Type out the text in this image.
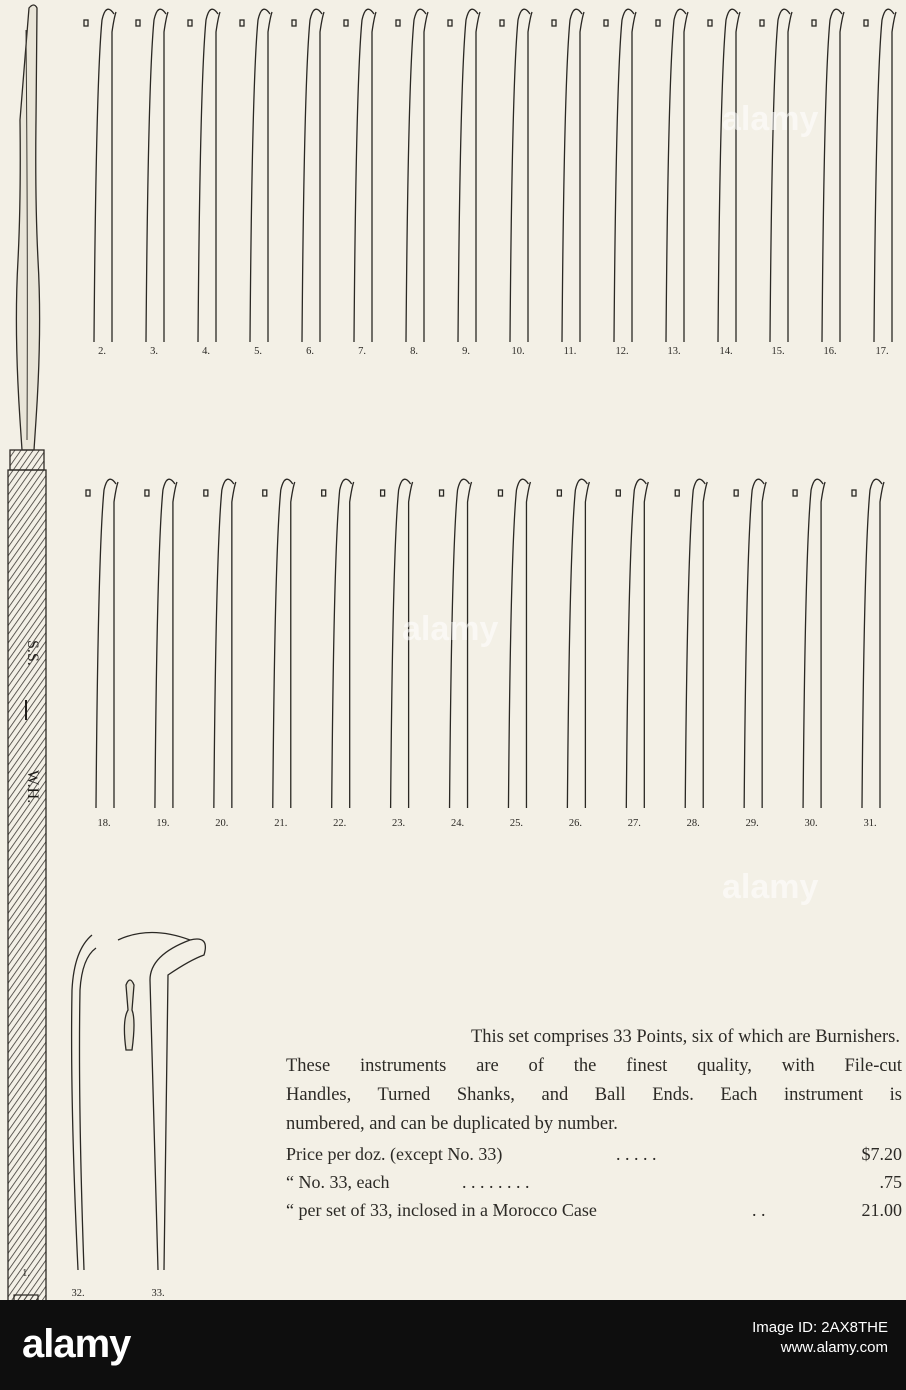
S.S.
W.H.
2.	3.	4.	5.	6.	7.	8.	9.	10.	11.	12.	13.	14.	15.	16.	17.
18.	19.	20.	21.	22.	23.	24.	25.	26.	27.	28.	29.	30.	31.
1.
32.	33.

This set comprises 33 Points, six of which are Burnishers.

These instruments are of the finest quality, with File-cut

Handles, Turned Shanks, and Ball Ends. Each instrument is

numbered, and can be duplicated by number.

Price per doz. (except No. 33)	. . . . .	$7.20
“ No. 33, each	. . . . . . . .	.75
“ per set of 33, inclosed in a Morocco Case	. .	21.00
alamy
alamy
alamy
alamy	Image ID: 2AX8THE
www.alamy.com
